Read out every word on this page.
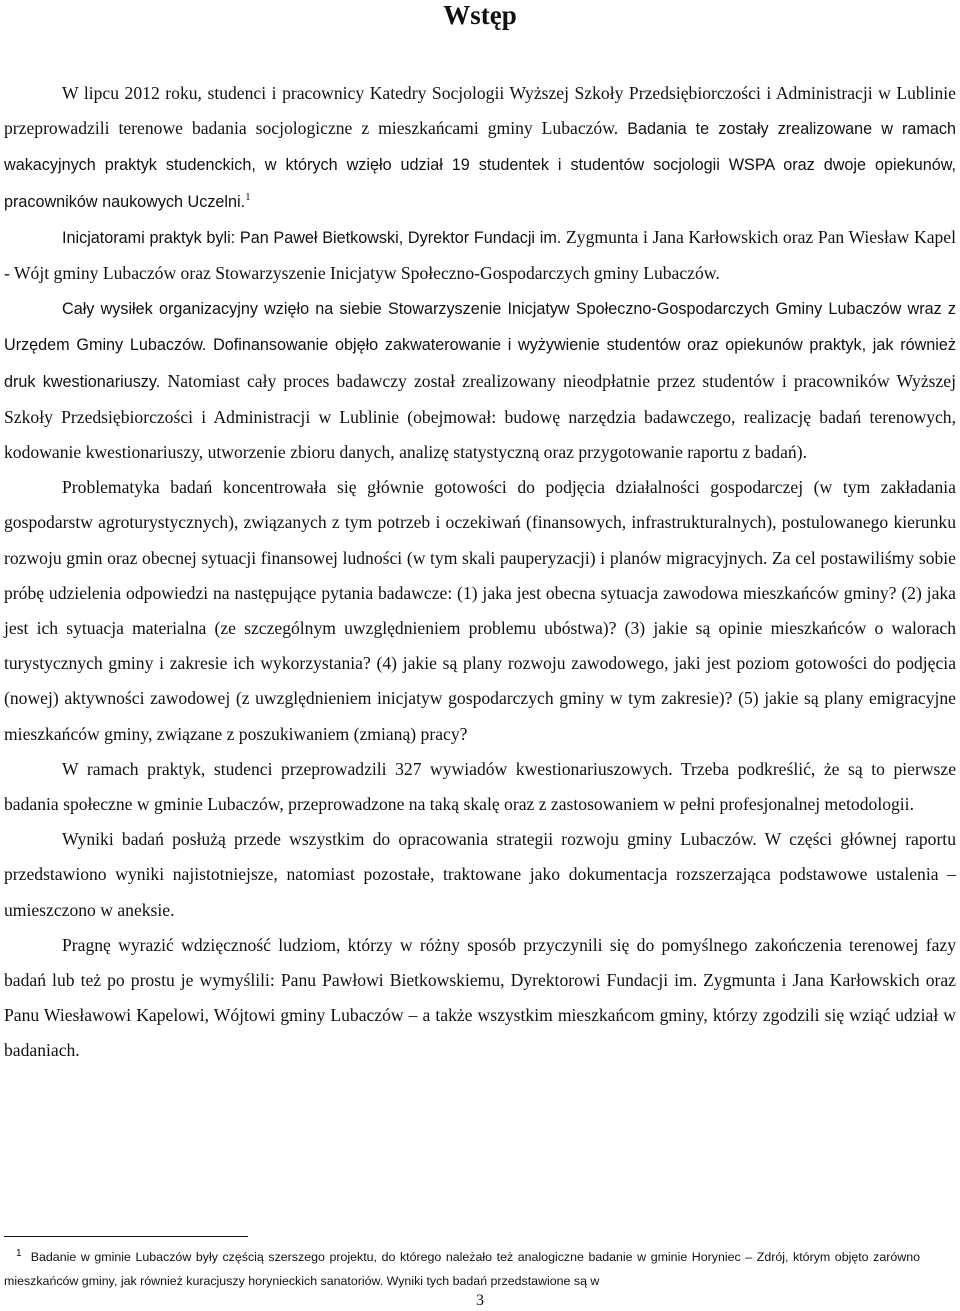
Wstęp

W lipcu 2012 roku, studenci i pracownicy Katedry Socjologii Wyższej Szkoły Przedsiębiorczości i Administracji w Lublinie przeprowadzili terenowe badania socjologiczne z mieszkańcami gminy Lubaczów. Badania te zostały zrealizowane w ramach wakacyjnych praktyk studenckich, w których wzięło udział 19 studentek i studentów socjologii WSPA oraz dwoje opiekunów, pracowników naukowych Uczelni.$^1$

Inicjatorami praktyk byli: Pan Paweł Bietkowski, Dyrektor Fundacji im. Zygmunta i Jana Karłowskich oraz Pan Wiesław Kapel - Wójt gminy Lubaczów oraz Stowarzyszenie Inicjatyw Społeczno-Gospodarczych gminy Lubaczów.

Cały wysiłek organizacyjny wzięło na siebie Stowarzyszenie Inicjatyw Społeczno-Gospodarczych Gminy Lubaczów wraz z Urzędem Gminy Lubaczów. Dofinansowanie objęło zakwaterowanie i wyżywienie studentów oraz opiekunów praktyk, jak również druk kwestionariuszy. Natomiast cały proces badawczy został zrealizowany nieodpłatnie przez studentów i pracowników Wyższej Szkoły Przedsiębiorczości i Administracji w Lublinie (obejmował: budowę narzędzia badawczego, realizację badań terenowych, kodowanie kwestionariuszy, utworzenie zbioru danych, analizę statystyczną oraz przygotowanie raportu z badań).

Problematyka badań koncentrowała się głównie gotowości do podjęcia działalności gospodarczej (w tym zakładania gospodarstw agroturystycznych), związanych z tym potrzeb i oczekiwań (finansowych, infrastrukturalnych), postulowanego kierunku rozwoju gmin oraz obecnej sytuacji finansowej ludności (w tym skali pauperyzacji) i planów migracyjnych. Za cel postawiliśmy sobie próbę udzielenia odpowiedzi na następujące pytania badawcze: (1) jaka jest obecna sytuacja zawodowa mieszkańców gminy? (2) jaka jest ich sytuacja materialna (ze szczególnym uwzględnieniem problemu ubóstwa)? (3) jakie są opinie mieszkańców o walorach turystycznych gminy i zakresie ich wykorzystania? (4) jakie są plany rozwoju zawodowego, jaki jest poziom gotowości do podjęcia (nowej) aktywności zawodowej (z uwzględnieniem inicjatyw gospodarczych gminy w tym zakresie)? (5) jakie są plany emigracyjne mieszkańców gminy, związane z poszukiwaniem (zmianą) pracy?

W ramach praktyk, studenci przeprowadzili 327 wywiadów kwestionariuszowych. Trzeba podkreślić, że są to pierwsze badania społeczne w gminie Lubaczów, przeprowadzone na taką skalę oraz z zastosowaniem w pełni profesjonalnej metodologii.

Wyniki badań posłużą przede wszystkim do opracowania strategii rozwoju gminy Lubaczów. W części głównej raportu przedstawiono wyniki najistotniejsze, natomiast pozostałe, traktowane jako dokumentacja rozszerzająca podstawowe ustalenia – umieszczono w aneksie.

Pragnę wyrazić wdzięczność ludziom, którzy w różny sposób przyczynili się do pomyślnego zakończenia terenowej fazy badań lub też po prostu je wymyślili: Panu Pawłowi Bietkowskiemu, Dyrektorowi Fundacji im. Zygmunta i Jana Karłowskich oraz Panu Wiesławowi Kapelowi, Wójtowi gminy Lubaczów – a także wszystkim mieszkańcom gminy, którzy zgodzili się wziąć udział w badaniach.

$^1$ Badanie w gminie Lubaczów były częścią szerszego projektu, do którego należało też analogiczne badanie w gminie Horyniec – Zdrój, którym objęto zarówno mieszkańców gminy, jak również kuracjuszy horynieckich sanatoriów. Wyniki tych badań przedstawione są w

3
